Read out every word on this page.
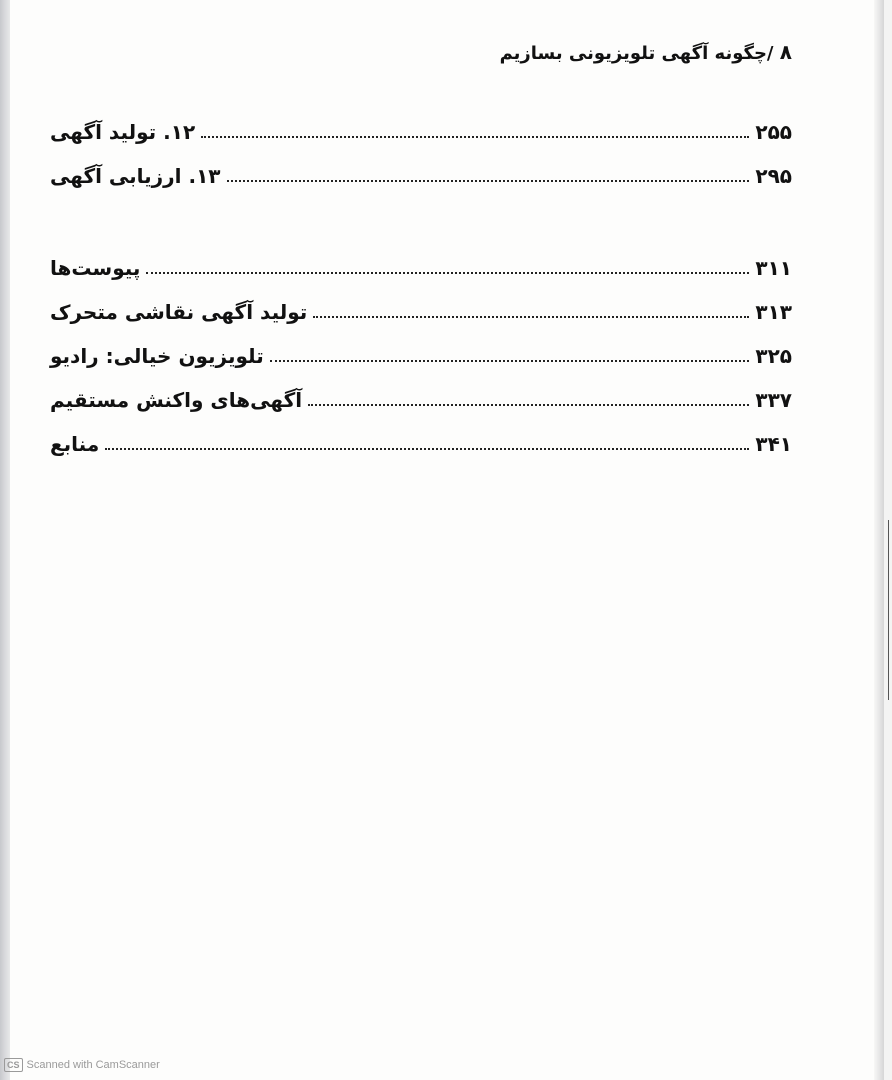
۸ /چگونه آگهی تلویزیونی بسازیم
۱۲. تولید آگهی	۲۵۵
۱۳. ارزیابی آگهی	۲۹۵
پیوست‌ها	۳۱۱
تولید آگهی نقاشی متحرک	۳۱۳
تلویزیون خیالی: رادیو	۳۲۵
آگهی‌های واکنش مستقیم	۳۳۷
منابع	۳۴۱
CS Scanned with CamScanner
